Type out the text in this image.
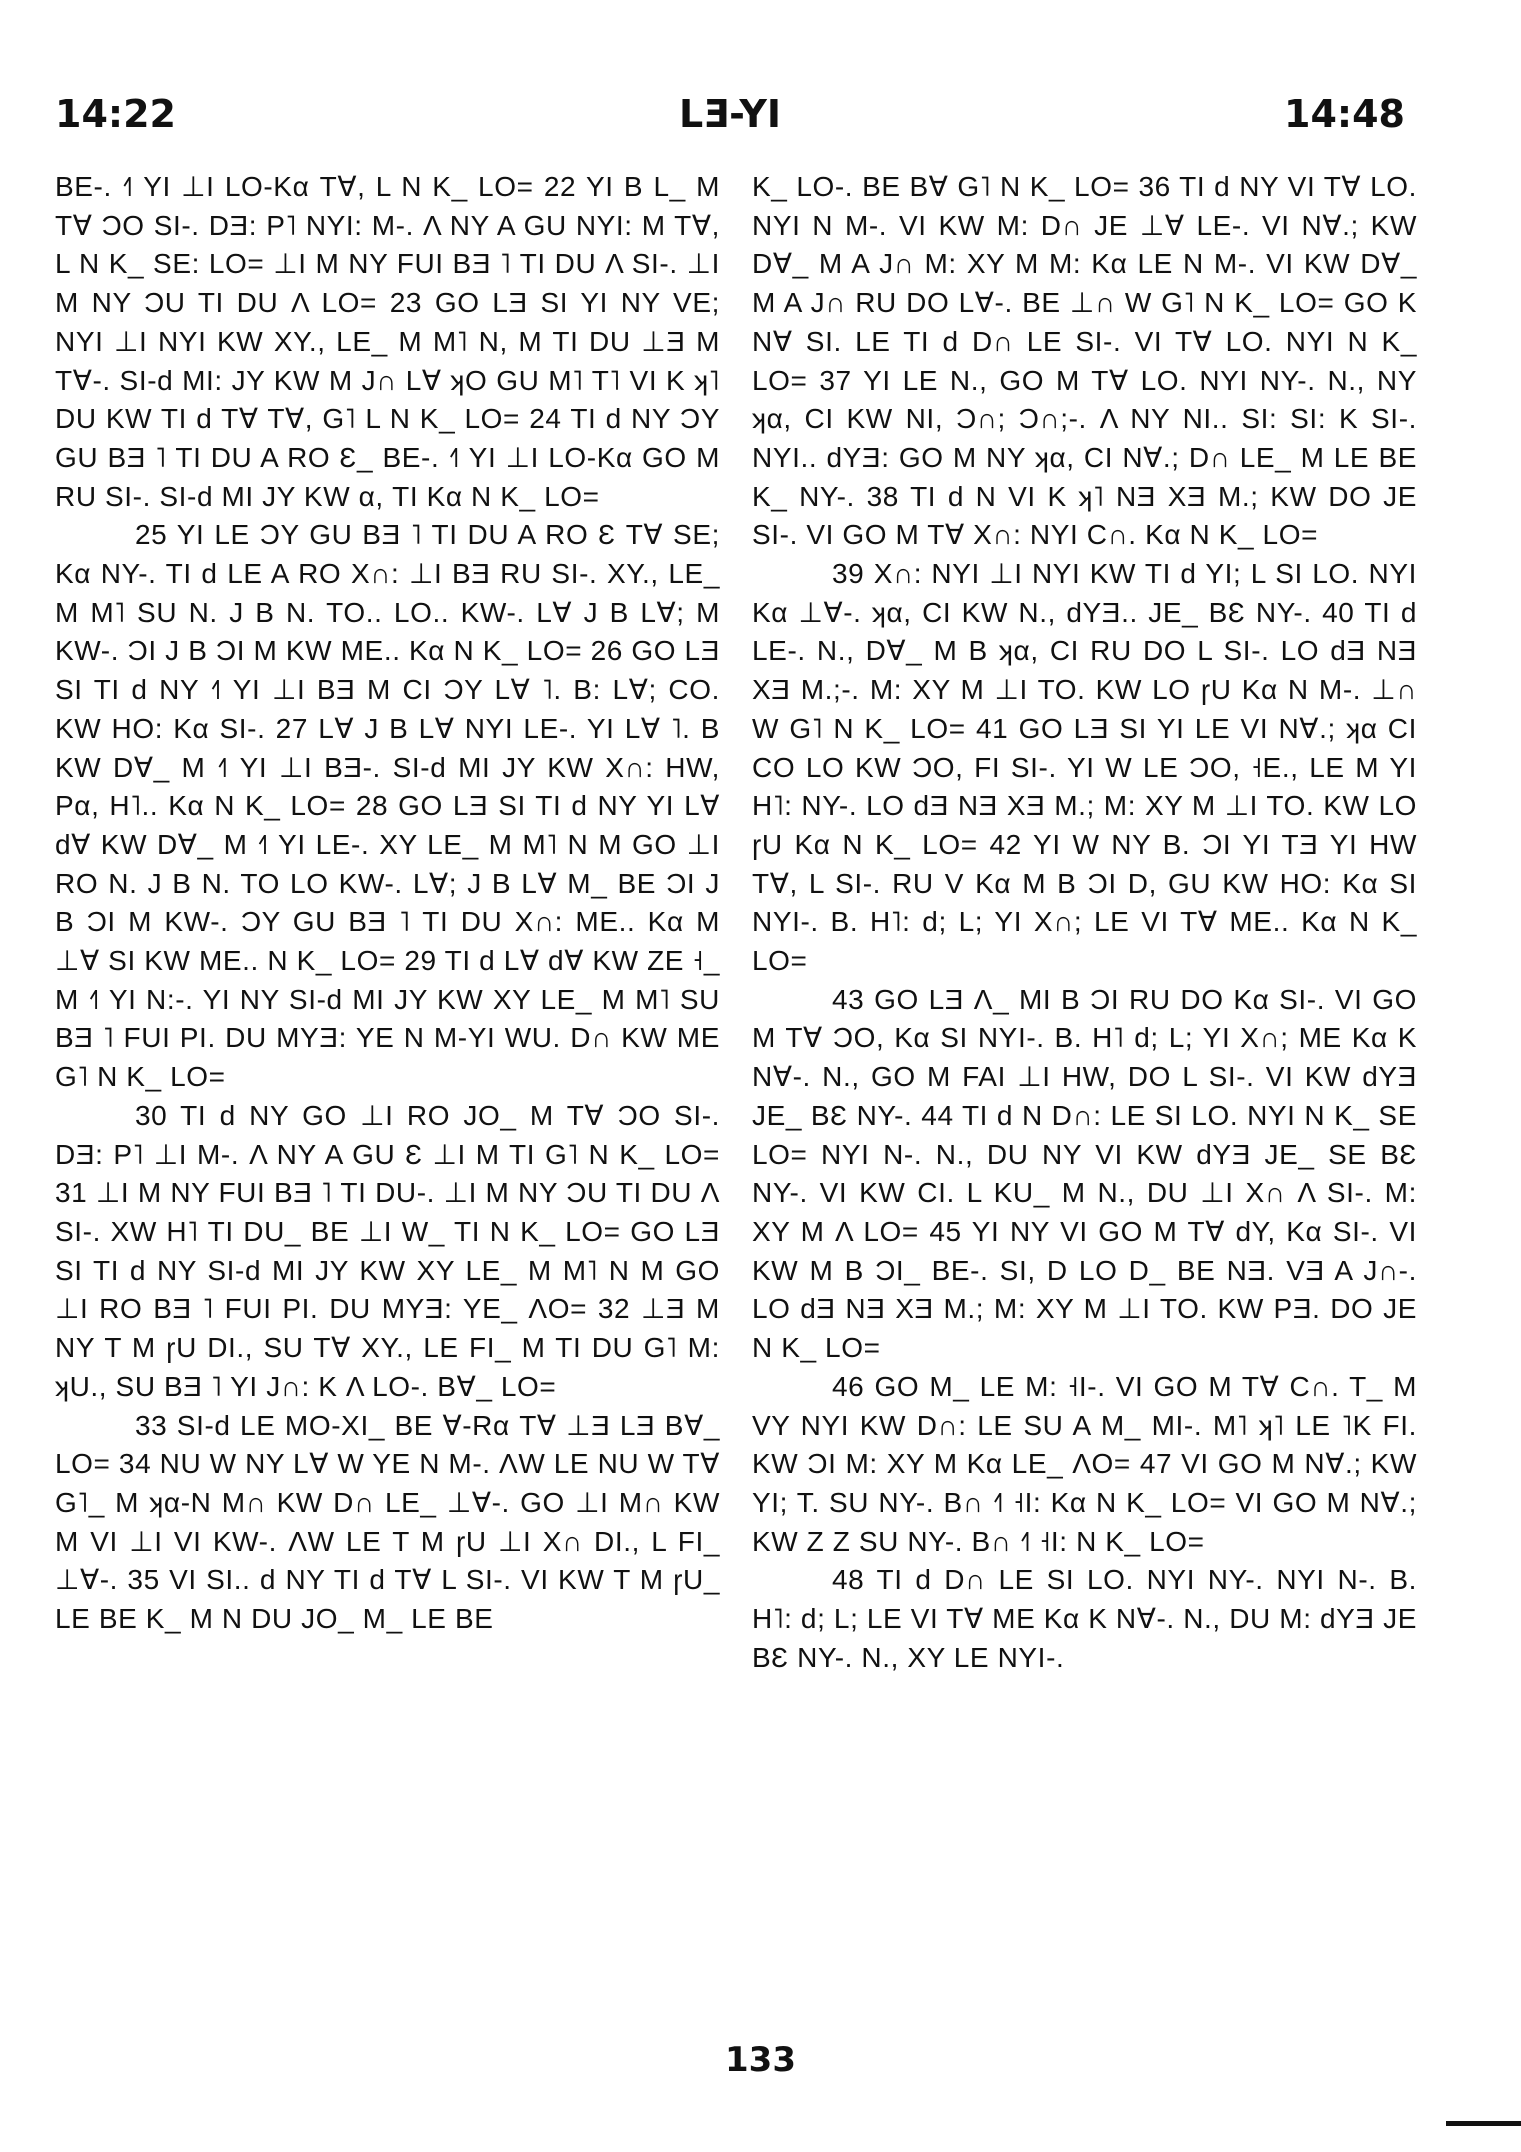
14:22	LƎ-YI	14:48

BE-. ˧˥ YI ⊥I LO-Kα T∀, L N K_ LO= 22 YI B L_ M T∀ ƆO SI-. DƎ: P˥ NYI: M-. Λ NY A GU NYI: M T∀, L N K_ SE: LO= ⊥I M NY FUI BƎ ˥ TI DU Λ SI-. ⊥I M NY ƆU TI DU Λ LO= 23 GO LƎ SI YI NY VE; NYI ⊥I NYI KW XY., LE_ M M˥ N, M TI DU ⊥Ǝ M T∀-. SI-d MI: JY KW M J∩ L∀ ʞO GU M˥ T˥ VI K ʞ˥ DU KW TI d T∀ T∀, G˥ L N K_ LO= 24 TI d NY ƆY GU BƎ ˥ TI DU A RO Ԑ_ BE-. ˧˥ YI ⊥I LO-Kα GO M RU SI-. SI-d MI JY KW α, TI Kα N K_ LO=

25 YI LE ƆY GU BƎ ˥ TI DU A RO Ԑ T∀ SE; Kα NY-. TI d LE A RO X∩: ⊥I BƎ RU SI-. XY., LE_ M M˥ SU N. J B N. TO.. LO.. KW-. L∀ J B L∀; M KW-. ƆI J B ƆI M KW ME.. Kα N K_ LO= 26 GO LƎ SI TI d NY ˧˥ YI ⊥I BƎ M CI ƆY L∀ ˥. B: L∀; CO. KW HO: Kα SI-. 27 L∀ J B L∀ NYI LE-. YI L∀ ˥. B KW D∀_ M ˧˥ YI ⊥I BƎ-. SI-d MI JY KW X∩: HW, Pα, H˥.. Kα N K_ LO= 28 GO LƎ SI TI d NY YI L∀ d∀ KW D∀_ M ˧˥ YI LE-. XY LE_ M M˥ N M GO ⊥I RO N. J B N. TO LO KW-. L∀; J B L∀ M_ BE ƆI J B ƆI M KW-. ƆY GU BƎ ˥ TI DU X∩: ME.. Kα M ⊥∀ SI KW ME.. N K_ LO= 29 TI d L∀ d∀ KW ZE ˧_ M ˧˥ YI N:-. YI NY SI-d MI JY KW XY LE_ M M˥ SU BƎ ˥ FUI PI. DU MYƎ: YE N M-YI WU. D∩ KW ME G˥ N K_ LO=

30 TI d NY GO ⊥I RO JO_ M T∀ ƆO SI-. DƎ: P˥ ⊥I M-. Λ NY A GU Ԑ ⊥I M TI G˥ N K_ LO= 31 ⊥I M NY FUI BƎ ˥ TI DU-. ⊥I M NY ƆU TI DU Λ SI-. XW H˥ TI DU_ BE ⊥I W_ TI N K_ LO= GO LƎ SI TI d NY SI-d MI JY KW XY LE_ M M˥ N M GO ⊥I RO BƎ ˥ FUI PI. DU MYƎ: YE_ ΛO= 32 ⊥Ǝ M NY T M ɼU DI., SU T∀ XY., LE FI_ M TI DU G˥ M: ʞU., SU BƎ ˥ YI J∩: K Λ LO-. B∀_ LO=

33 SI-d LE MO-XI_ BE ∀-Rα T∀ ⊥Ǝ LƎ B∀_ LO= 34 NU W NY L∀ W YE N M-. ΛW LE NU W T∀ G˥_ M ʞα-N M∩ KW D∩ LE_ ⊥∀-. GO ⊥I M∩ KW M VI ⊥I VI KW-. ΛW LE T M ɼU ⊥I X∩ DI., L FI_ ⊥∀-. 35 VI SI.. d NY TI d T∀ L SI-. VI KW T M ɼU_ LE BE K_ M N DU JO_ M_ LE BE

K_ LO-. BE B∀ G˥ N K_ LO= 36 TI d NY VI T∀ LO. NYI N M-. VI KW M: D∩ JE ⊥∀ LE-. VI N∀.; KW D∀_ M A J∩ M: XY M M: Kα LE N M-. VI KW D∀_ M A J∩ RU DO L∀-. BE ⊥∩ W G˥ N K_ LO= GO K N∀ SI. LE TI d D∩ LE SI-. VI T∀ LO. NYI N K_ LO= 37 YI LE N., GO M T∀ LO. NYI NY-. N., NY ʞα, CI KW NI, Ɔ∩; Ɔ∩;-. Λ NY NI.. SI: SI: K SI-. NYI.. dYƎ: GO M NY ʞα, CI N∀.; D∩ LE_ M LE BE K_ NY-. 38 TI d N VI K ʞ˥ NƎ XƎ M.; KW DO JE SI-. VI GO M T∀ X∩: NYI C∩. Kα N K_ LO=

39 X∩: NYI ⊥I NYI KW TI d YI; L SI LO. NYI Kα ⊥∀-. ʞα, CI KW N., dYƎ.. JE_ BԐ NY-. 40 TI d LE-. N., D∀_ M B ʞα, CI RU DO L SI-. LO dƎ NƎ XƎ M.;-. M: XY M ⊥I TO. KW LO ɼU Kα N M-. ⊥∩ W G˥ N K_ LO= 41 GO LƎ SI YI LE VI N∀.; ʞα CI CO LO KW ƆO, FI SI-. YI W LE ƆO, ˧E., LE M YI H˥: NY-. LO dƎ NƎ XƎ M.; M: XY M ⊥I TO. KW LO ɼU Kα N K_ LO= 42 YI W NY B. ƆI YI TƎ YI HW T∀, L SI-. RU V Kα M B ƆI D, GU KW HO: Kα SI NYI-. B. H˥: d; L; YI X∩; LE VI T∀ ME.. Kα N K_ LO=

43 GO LƎ Λ_ MI B ƆI RU DO Kα SI-. VI GO M T∀ ƆO, Kα SI NYI-. B. H˥ d; L; YI X∩; ME Kα K N∀-. N., GO M FAI ⊥I HW, DO L SI-. VI KW dYƎ JE_ BԐ NY-. 44 TI d N D∩: LE SI LO. NYI N K_ SE LO= NYI N-. N., DU NY VI KW dYƎ JE_ SE BԐ NY-. VI KW CI. L KU_ M N., DU ⊥I X∩ Λ SI-. M: XY M Λ LO= 45 YI NY VI GO M T∀ dY, Kα SI-. VI KW M B ƆI_ BE-. SI, D LO D_ BE NƎ. VƎ A J∩-. LO dƎ NƎ XƎ M.; M: XY M ⊥I TO. KW PƎ. DO JE N K_ LO=

46 GO M_ LE M: ˧I-. VI GO M T∀ C∩. T_ M VY NYI KW D∩: LE SU A M_ MI-. M˥ ʞ˥ LE ˥K FI. KW ƆI M: XY M Kα LE_ ΛO= 47 VI GO M N∀.; KW YI; T. SU NY-. B∩ ˧˥ ˧I: Kα N K_ LO= VI GO M N∀.; KW Z Z SU NY-. B∩ ˧˥ ˧I: N K_ LO=

48 TI d D∩ LE SI LO. NYI NY-. NYI N-. B. H˥: d; L; LE VI T∀ ME Kα K N∀-. N., DU M: dYƎ JE BԐ NY-. N., XY LE NYI-.

133
